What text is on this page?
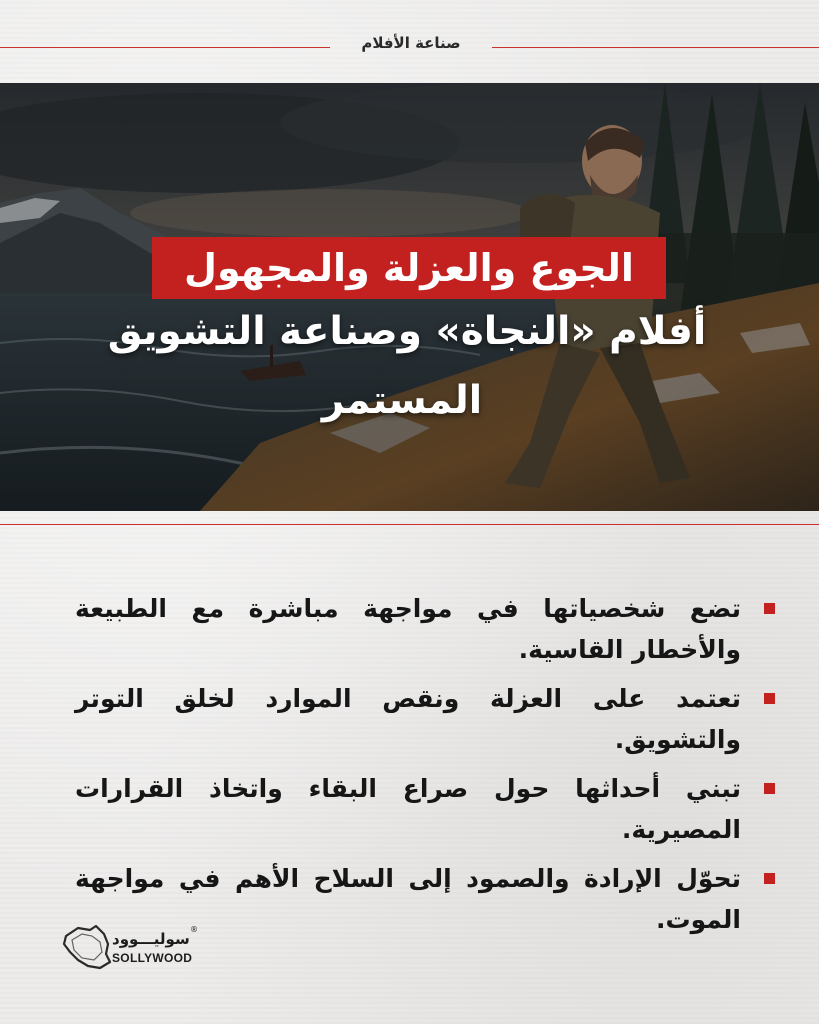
صناعة الأفلام
الجوع والعزلة والمجهول
أفلام «النجاة» وصناعة التشويق
المستمر
تضع شخصياتها في مواجهة مباشرة مع الطبيعة والأخطار القاسية.
تعتمد على العزلة ونقص الموارد لخلق التوتر والتشويق.
تبني أحداثها حول صراع البقاء واتخاذ القرارات المصيرية.
تحوّل الإرادة والصمود إلى السلاح الأهم في مواجهة الموت.
سوليـــوود
SOLLYWOOD
®
